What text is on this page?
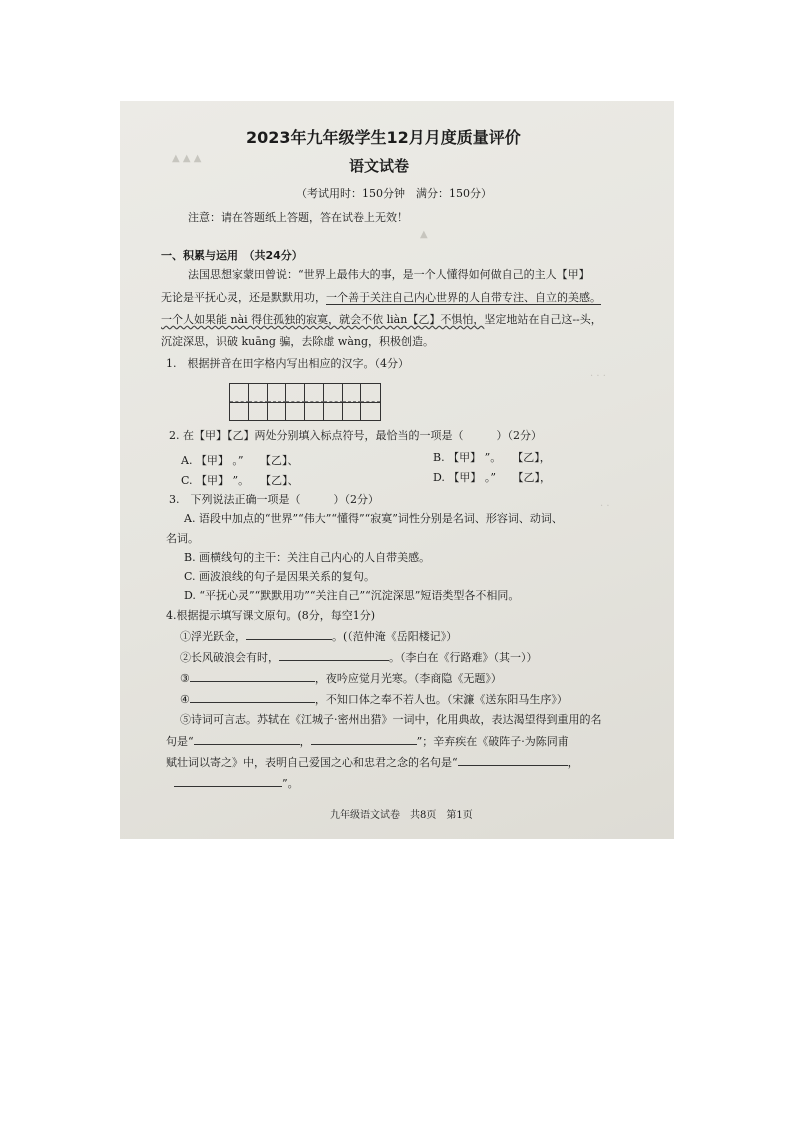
▲ ▲ ▲
▲
· · ·
· ·
2023年九年级学生12月月度质量评价
语文试卷
（考试用时：150分钟　满分：150分）
注意：请在答题纸上答题，答在试卷上无效！
一、积累与运用　（共24分）
法国思想家蒙田曾说：“世界上最伟大的事，是一个人懂得如何做自己的主人【甲】
无论是平抚心灵，还是默默用功，一个善于关注自己内心世界的人自带专注、自立的美感。
一个人如果能 nài 得住孤独的寂寞，就会不依 liàn【乙】不惧怕，坚定地站在自己这--头，
沉淀深思，识破 kuāng 骗，去除虚 wàng，积极创造。
1.　根据拼音在田字格内写出相应的汉字。（4分）
2. 在【甲】【乙】两处分别填入标点符号，最恰当的一项是（　　　）（2分）
A. 【甲】 。”　　【乙】、	B. 【甲】 ”。　　【乙】，
C. 【甲】 ”。　　【乙】、	D. 【甲】 。”　　【乙】，
3.　下列说法正确一项是（　　　）（2分）
A. 语段中加点的“世界”“伟大”“懂得”“寂寞”词性分别是名词、形容词、动词、
名词。
B. 画横线句的主干：关注自己内心的人自带美感。
C. 画波浪线的句子是因果关系的复句。
D. “平抚心灵”“默默用功”“关注自己”“沉淀深思”短语类型各不相同。
4.根据提示填写课文原句。(8分，每空1分)
①浮光跃金，	。(（范仲淹《岳阳楼记》）
②长风破浪会有时，	。（李白在《行路难》（其一））
③	，夜吟应觉月光寒。（李商隐《无题》）
④	，不知口体之奉不若人也。（宋濂《送东阳马生序》）
⑤诗词可言志。苏轼在《江城子·密州出猎》一词中，化用典故，表达渴望得到重用的名
句是“	，	”；辛弃疾在《破阵子·为陈同甫
赋壮词以寄之》中，表明自己爱国之心和忠君之念的名句是“	，
”。
九年级语文试卷　共8页　第1页
